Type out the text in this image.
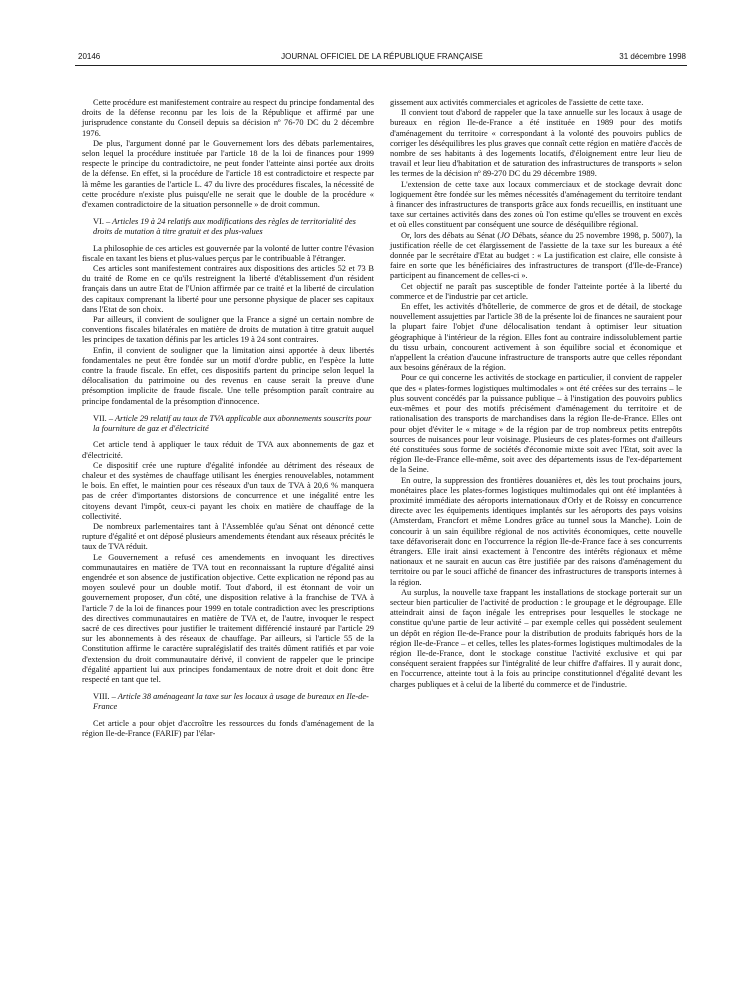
20146	JOURNAL OFFICIEL DE LA RÉPUBLIQUE FRANÇAISE	31 décembre 1998

Cette procédure est manifestement contraire au respect du principe fondamental des droits de la défense reconnu par les lois de la République et affirmé par une jurisprudence constante du Conseil depuis sa décision nº 76-70 DC du 2 décembre 1976.

De plus, l'argument donné par le Gouvernement lors des débats parlementaires, selon lequel la procédure instituée par l'article 18 de la loi de finances pour 1999 respecte le principe du contradictoire, ne peut fonder l'atteinte ainsi portée aux droits de la défense. En effet, si la procédure de l'article 18 est contradictoire et respecte par là même les garanties de l'article L. 47 du livre des procédures fiscales, la nécessité de cette procédure n'existe plus puisqu'elle ne serait que le double de la procédure « d'examen contradictoire de la situation personnelle » de droit commun.

VI. – Articles 19 à 24 relatifs aux modifications des règles de territorialité des droits de mutation à titre gratuit et des plus-values

La philosophie de ces articles est gouvernée par la volonté de lutter contre l'évasion fiscale en taxant les biens et plus-values perçus par le contribuable à l'étranger.

Ces articles sont manifestement contraires aux dispositions des articles 52 et 73 B du traité de Rome en ce qu'ils restreignent la liberté d'établissement d'un résident français dans un autre Etat de l'Union affirmée par ce traité et la liberté de circulation des capitaux comprenant la liberté pour une personne physique de placer ses capitaux dans l'Etat de son choix.

Par ailleurs, il convient de souligner que la France a signé un certain nombre de conventions fiscales bilatérales en matière de droits de mutation à titre gratuit auquel les principes de taxation définis par les articles 19 à 24 sont contraires.

Enfin, il convient de souligner que la limitation ainsi apportée à deux libertés fondamentales ne peut être fondée sur un motif d'ordre public, en l'espèce la lutte contre la fraude fiscale. En effet, ces dispositifs partent du principe selon lequel la délocalisation du patrimoine ou des revenus en cause serait la preuve d'une présomption implicite de fraude fiscale. Une telle présomption paraît contraire au principe fondamental de la présomption d'innocence.

VII. – Article 29 relatif au taux de TVA applicable aux abonnements souscrits pour la fourniture de gaz et d'électricité

Cet article tend à appliquer le taux réduit de TVA aux abonnements de gaz et d'électricité.

Ce dispositif crée une rupture d'égalité infondée au détriment des réseaux de chaleur et des systèmes de chauffage utilisant les énergies renouvelables, notamment le bois. En effet, le maintien pour ces réseaux d'un taux de TVA à 20,6 % manquera pas de créer d'importantes distorsions de concurrence et une inégalité entre les citoyens devant l'impôt, ceux-ci payant les choix en matière de chauffage de la collectivité.

De nombreux parlementaires tant à l'Assemblée qu'au Sénat ont dénoncé cette rupture d'égalité et ont déposé plusieurs amendements étendant aux réseaux précités le taux de TVA réduit.

Le Gouvernement a refusé ces amendements en invoquant les directives communautaires en matière de TVA tout en reconnaissant la rupture d'égalité ainsi engendrée et son absence de justification objective. Cette explication ne répond pas au moyen soulevé pour un double motif. Tout d'abord, il est étonnant de voir un gouvernement proposer, d'un côté, une disposition relative à la franchise de TVA à l'article 7 de la loi de finances pour 1999 en totale contradiction avec les prescriptions des directives communautaires en matière de TVA et, de l'autre, invoquer le respect sacré de ces directives pour justifier le traitement différencié instauré par l'article 29 sur les abonnements à des réseaux de chauffage. Par ailleurs, si l'article 55 de la Constitution affirme le caractère supralégislatif des traités dûment ratifiés et par voie d'extension du droit communautaire dérivé, il convient de rappeler que le principe d'égalité appartient lui aux principes fondamentaux de notre droit et doit donc être respecté en tant que tel.

VIII. – Article 38 aménageant la taxe sur les locaux à usage de bureaux en Ile-de-France

Cet article a pour objet d'accroître les ressources du fonds d'aménagement de la région Ile-de-France (FARIF) par l'élar-

gissement aux activités commerciales et agricoles de l'assiette de cette taxe.

Il convient tout d'abord de rappeler que la taxe annuelle sur les locaux à usage de bureaux en région Ile-de-France a été instituée en 1989 pour des motifs d'aménagement du territoire « correspondant à la volonté des pouvoirs publics de corriger les déséquilibres les plus graves que connaît cette région en matière d'accès de nombre de ses habitants à des logements locatifs, d'éloignement entre leur lieu de travail et leur lieu d'habitation et de saturation des infrastructures de transports » selon les termes de la décision nº 89-270 DC du 29 décembre 1989.

L'extension de cette taxe aux locaux commerciaux et de stockage devrait donc logiquement être fondée sur les mêmes nécessités d'aménagement du territoire tendant à financer des infrastructures de transports grâce aux fonds recueillis, en instituant une taxe sur certaines activités dans des zones où l'on estime qu'elles se trouvent en excès et où elles constituent par conséquent une source de déséquilibre régional.

Or, lors des débats au Sénat (JO Débats, séance du 25 novembre 1998, p. 5007), la justification réelle de cet élargissement de l'assiette de la taxe sur les bureaux a été donnée par le secrétaire d'Etat au budget : « La justification est claire, elle consiste à faire en sorte que les bénéficiaires des infrastructures de transport (d'Ile-de-France) participent au financement de celles-ci ».

Cet objectif ne paraît pas susceptible de fonder l'atteinte portée à la liberté du commerce et de l'industrie par cet article.

En effet, les activités d'hôtellerie, de commerce de gros et de détail, de stockage nouvellement assujetties par l'article 38 de la présente loi de finances ne sauraient pour la plupart faire l'objet d'une délocalisation tendant à optimiser leur situation géographique à l'intérieur de la région. Elles font au contraire indissolublement partie du tissu urbain, concourent activement à son équilibre social et économique et n'appellent la création d'aucune infrastructure de transports autre que celles répondant aux besoins généraux de la région.

Pour ce qui concerne les activités de stockage en particulier, il convient de rappeler que des « plates-formes logistiques multimodales » ont été créées sur des terrains – le plus souvent concédés par la puissance publique – à l'instigation des pouvoirs publics eux-mêmes et pour des motifs précisément d'aménagement du territoire et de rationalisation des transports de marchandises dans la région Ile-de-France. Elles ont pour objet d'éviter le « mitage » de la région par de trop nombreux petits entrepôts sources de nuisances pour leur voisinage. Plusieurs de ces plates-formes ont d'ailleurs été constituées sous forme de sociétés d'économie mixte soit avec l'Etat, soit avec la région Ile-de-France elle-même, soit avec des départements issus de l'ex-département de la Seine.

En outre, la suppression des frontières douanières et, dès les tout prochains jours, monétaires place les plates-formes logistiques multimodales qui ont été implantées à proximité immédiate des aéroports internationaux d'Orly et de Roissy en concurrence directe avec les équipements identiques implantés sur les aéroports des pays voisins (Amsterdam, Francfort et même Londres grâce au tunnel sous la Manche). Loin de concourir à un sain équilibre régional de nos activités économiques, cette nouvelle taxe défavoriserait donc en l'occurrence la région Ile-de-France face à ses concurrents étrangers. Elle irait ainsi exactement à l'encontre des intérêts régionaux et même nationaux et ne saurait en aucun cas être justifiée par des raisons d'aménagement du territoire ou par le souci affiché de financer des infrastructures de transports internes à la région.

Au surplus, la nouvelle taxe frappant les installations de stockage porterait sur un secteur bien particulier de l'activité de production : le groupage et le dégroupage. Elle atteindrait ainsi de façon inégale les entreprises pour lesquelles le stockage ne constitue qu'une partie de leur activité – par exemple celles qui possèdent seulement un dépôt en région Ile-de-France pour la distribution de produits fabriqués hors de la région Ile-de-France – et celles, telles les plates-formes logistiques multimodales de la région Ile-de-France, dont le stockage constitue l'activité exclusive et qui par conséquent seraient frappées sur l'intégralité de leur chiffre d'affaires. Il y aurait donc, en l'occurrence, atteinte tout à la fois au principe constitutionnel d'égalité devant les charges publiques et à celui de la liberté du commerce et de l'industrie.
